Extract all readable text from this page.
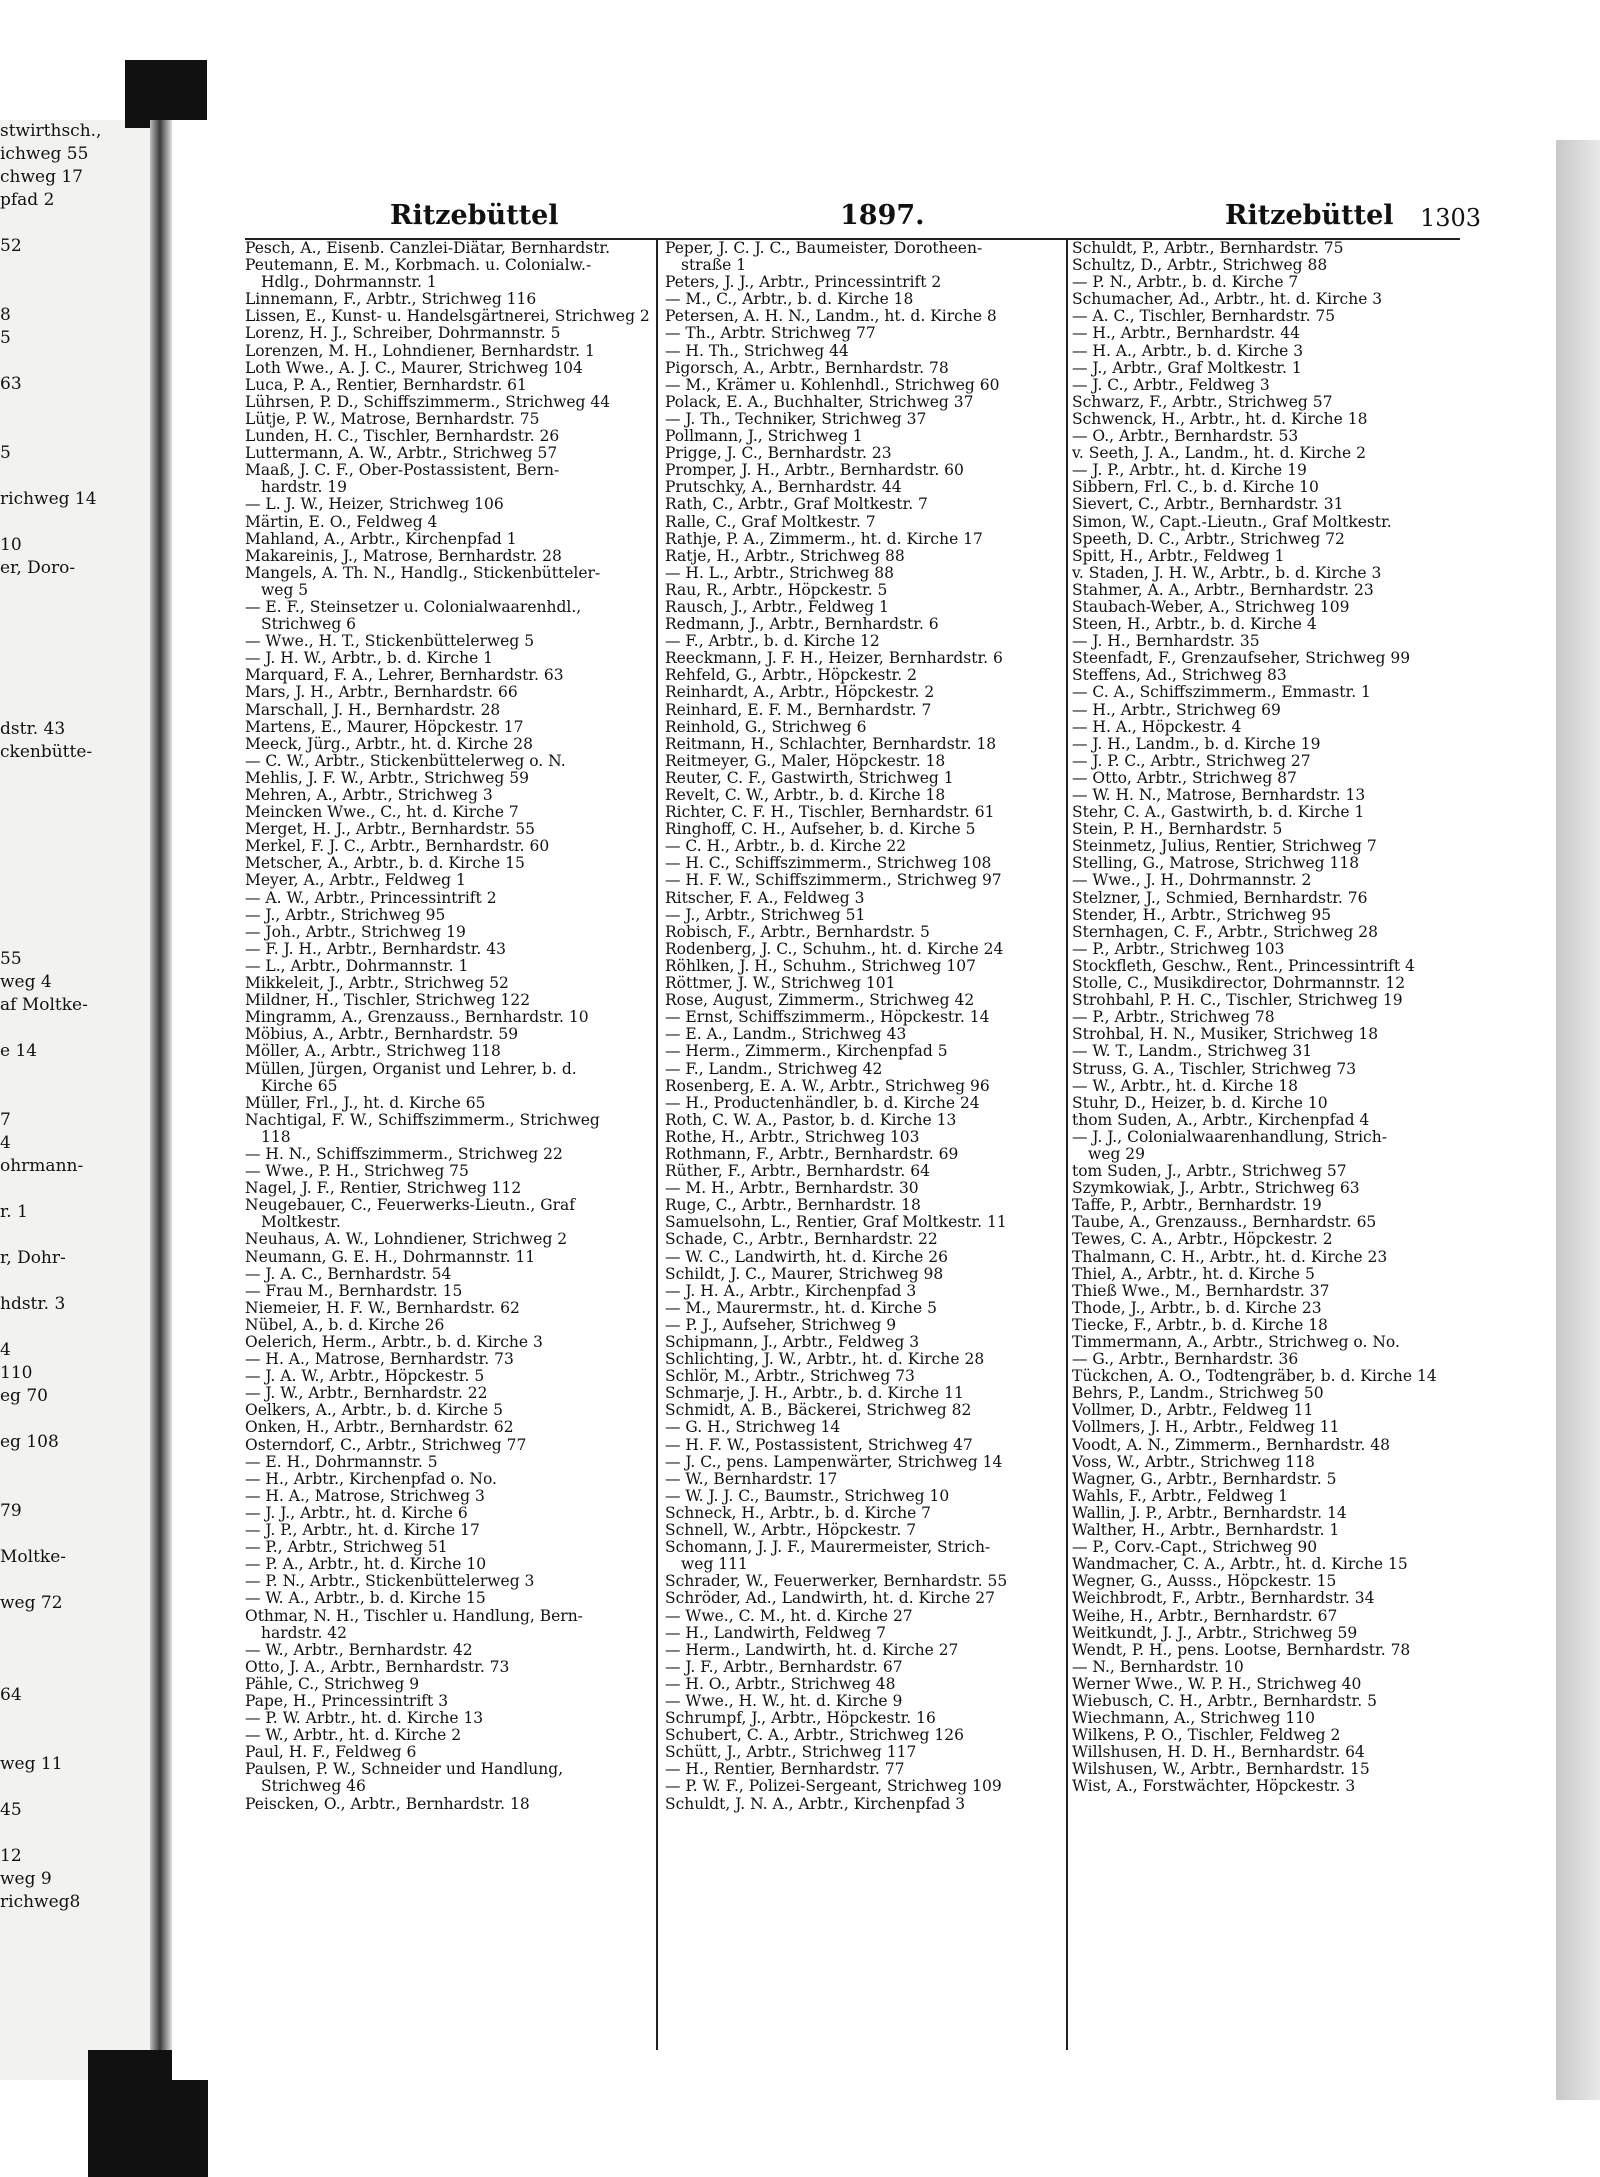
stwirthsch.,
ichweg 55
chweg 17
pfad 2
52
8
5
63
5
richweg 14
10
er, Doro-
dstr. 43
ckenbütte-
55
weg 4
af Moltke-
e 14
7
4
ohrmann-
r. 1
r, Dohr-
hdstr. 3
4
110
eg 70
eg 108
79
Moltke-
weg 72
64
weg 11
45
12
weg 9
richweg8
Ritzebüttel	1897.	Ritzebüttel 1303
Pesch, A., Eisenb. Canzlei-Diätar, Bernhardstr.
Peutemann, E. M., Korbmach. u. Colonialw.-
Hdlg., Dohrmannstr. 1
Linnemann, F., Arbtr., Strichweg 116
Lissen, E., Kunst- u. Handelsgärtnerei, Strichweg 2
Lorenz, H. J., Schreiber, Dohrmannstr. 5
Lorenzen, M. H., Lohndiener, Bernhardstr. 1
Loth Wwe., A. J. C., Maurer, Strichweg 104
Luca, P. A., Rentier, Bernhardstr. 61
Lührsen, P. D., Schiffszimmerm., Strichweg 44
Lütje, P. W., Matrose, Bernhardstr. 75
Lunden, H. C., Tischler, Bernhardstr. 26
Luttermann, A. W., Arbtr., Strichweg 57
Maaß, J. C. F., Ober-Postassistent, Bern-
hardstr. 19
— L. J. W., Heizer, Strichweg 106
Märtin, E. O., Feldweg 4
Mahland, A., Arbtr., Kirchenpfad 1
Makareinis, J., Matrose, Bernhardstr. 28
Mangels, A. Th. N., Handlg., Stickenbütteler-
weg 5
— E. F., Steinsetzer u. Colonialwaarenhdl.,
Strichweg 6
— Wwe., H. T., Stickenbüttelerweg 5
— J. H. W., Arbtr., b. d. Kirche 1
Marquard, F. A., Lehrer, Bernhardstr. 63
Mars, J. H., Arbtr., Bernhardstr. 66
Marschall, J. H., Bernhardstr. 28
Martens, E., Maurer, Höpckestr. 17
Meeck, Jürg., Arbtr., ht. d. Kirche 28
— C. W., Arbtr., Stickenbüttelerweg o. N.
Mehlis, J. F. W., Arbtr., Strichweg 59
Mehren, A., Arbtr., Strichweg 3
Meincken Wwe., C., ht. d. Kirche 7
Merget, H. J., Arbtr., Bernhardstr. 55
Merkel, F. J. C., Arbtr., Bernhardstr. 60
Metscher, A., Arbtr., b. d. Kirche 15
Meyer, A., Arbtr., Feldweg 1
— A. W., Arbtr., Princessintrift 2
— J., Arbtr., Strichweg 95
— Joh., Arbtr., Strichweg 19
— F. J. H., Arbtr., Bernhardstr. 43
— L., Arbtr., Dohrmannstr. 1
Mikkeleit, J., Arbtr., Strichweg 52
Mildner, H., Tischler, Strichweg 122
Mingramm, A., Grenzauss., Bernhardstr. 10
Möbius, A., Arbtr., Bernhardstr. 59
Möller, A., Arbtr., Strichweg 118
Müllen, Jürgen, Organist und Lehrer, b. d.
Kirche 65
Müller, Frl., J., ht. d. Kirche 65
Nachtigal, F. W., Schiffszimmerm., Strichweg
118
— H. N., Schiffszimmerm., Strichweg 22
— Wwe., P. H., Strichweg 75
Nagel, J. F., Rentier, Strichweg 112
Neugebauer, C., Feuerwerks-Lieutn., Graf
Moltkestr.
Neuhaus, A. W., Lohndiener, Strichweg 2
Neumann, G. E. H., Dohrmannstr. 11
— J. A. C., Bernhardstr. 54
— Frau M., Bernhardstr. 15
Niemeier, H. F. W., Bernhardstr. 62
Nübel, A., b. d. Kirche 26
Oelerich, Herm., Arbtr., b. d. Kirche 3
— H. A., Matrose, Bernhardstr. 73
— J. A. W., Arbtr., Höpckestr. 5
— J. W., Arbtr., Bernhardstr. 22
Oelkers, A., Arbtr., b. d. Kirche 5
Onken, H., Arbtr., Bernhardstr. 62
Osterndorf, C., Arbtr., Strichweg 77
— E. H., Dohrmannstr. 5
— H., Arbtr., Kirchenpfad o. No.
— H. A., Matrose, Strichweg 3
— J. J., Arbtr., ht. d. Kirche 6
— J. P., Arbtr., ht. d. Kirche 17
— P., Arbtr., Strichweg 51
— P. A., Arbtr., ht. d. Kirche 10
— P. N., Arbtr., Stickenbüttelerweg 3
— W. A., Arbtr., b. d. Kirche 15
Othmar, N. H., Tischler u. Handlung, Bern-
hardstr. 42
— W., Arbtr., Bernhardstr. 42
Otto, J. A., Arbtr., Bernhardstr. 73
Pähle, C., Strichweg 9
Pape, H., Princessintrift 3
— P. W. Arbtr., ht. d. Kirche 13
— W., Arbtr., ht. d. Kirche 2
Paul, H. F., Feldweg 6
Paulsen, P. W., Schneider und Handlung,
Strichweg 46
Peiscken, O., Arbtr., Bernhardstr. 18
Peper, J. C. J. C., Baumeister, Dorotheen-
straße 1
Peters, J. J., Arbtr., Princessintrift 2
— M., C., Arbtr., b. d. Kirche 18
Petersen, A. H. N., Landm., ht. d. Kirche 8
— Th., Arbtr. Strichweg 77
— H. Th., Strichweg 44
Pigorsch, A., Arbtr., Bernhardstr. 78
— M., Krämer u. Kohlenhdl., Strichweg 60
Polack, E. A., Buchhalter, Strichweg 37
— J. Th., Techniker, Strichweg 37
Pollmann, J., Strichweg 1
Prigge, J. C., Bernhardstr. 23
Promper, J. H., Arbtr., Bernhardstr. 60
Prutschky, A., Bernhardstr. 44
Rath, C., Arbtr., Graf Moltkestr. 7
Ralle, C., Graf Moltkestr. 7
Rathje, P. A., Zimmerm., ht. d. Kirche 17
Ratje, H., Arbtr., Strichweg 88
— H. L., Arbtr., Strichweg 88
Rau, R., Arbtr., Höpckestr. 5
Rausch, J., Arbtr., Feldweg 1
Redmann, J., Arbtr., Bernhardstr. 6
— F., Arbtr., b. d. Kirche 12
Reeckmann, J. F. H., Heizer, Bernhardstr. 6
Rehfeld, G., Arbtr., Höpckestr. 2
Reinhardt, A., Arbtr., Höpckestr. 2
Reinhard, E. F. M., Bernhardstr. 7
Reinhold, G., Strichweg 6
Reitmann, H., Schlachter, Bernhardstr. 18
Reitmeyer, G., Maler, Höpckestr. 18
Reuter, C. F., Gastwirth, Strichweg 1
Revelt, C. W., Arbtr., b. d. Kirche 18
Richter, C. F. H., Tischler, Bernhardstr. 61
Ringhoff, C. H., Aufseher, b. d. Kirche 5
— C. H., Arbtr., b. d. Kirche 22
— H. C., Schiffszimmerm., Strichweg 108
— H. F. W., Schiffszimmerm., Strichweg 97
Ritscher, F. A., Feldweg 3
— J., Arbtr., Strichweg 51
Robisch, F., Arbtr., Bernhardstr. 5
Rodenberg, J. C., Schuhm., ht. d. Kirche 24
Röhlken, J. H., Schuhm., Strichweg 107
Röttmer, J. W., Strichweg 101
Rose, August, Zimmerm., Strichweg 42
— Ernst, Schiffszimmerm., Höpckestr. 14
— E. A., Landm., Strichweg 43
— Herm., Zimmerm., Kirchenpfad 5
— F., Landm., Strichweg 42
Rosenberg, E. A. W., Arbtr., Strichweg 96
— H., Productenhändler, b. d. Kirche 24
Roth, C. W. A., Pastor, b. d. Kirche 13
Rothe, H., Arbtr., Strichweg 103
Rothmann, F., Arbtr., Bernhardstr. 69
Rüther, F., Arbtr., Bernhardstr. 64
— M. H., Arbtr., Bernhardstr. 30
Ruge, C., Arbtr., Bernhardstr. 18
Samuelsohn, L., Rentier, Graf Moltkestr. 11
Schade, C., Arbtr., Bernhardstr. 22
— W. C., Landwirth, ht. d. Kirche 26
Schildt, J. C., Maurer, Strichweg 98
— J. H. A., Arbtr., Kirchenpfad 3
— M., Maurermstr., ht. d. Kirche 5
— P. J., Aufseher, Strichweg 9
Schipmann, J., Arbtr., Feldweg 3
Schlichting, J. W., Arbtr., ht. d. Kirche 28
Schlör, M., Arbtr., Strichweg 73
Schmarje, J. H., Arbtr., b. d. Kirche 11
Schmidt, A. B., Bäckerei, Strichweg 82
— G. H., Strichweg 14
— H. F. W., Postassistent, Strichweg 47
— J. C., pens. Lampenwärter, Strichweg 14
— W., Bernhardstr. 17
— W. J. J. C., Baumstr., Strichweg 10
Schneck, H., Arbtr., b. d. Kirche 7
Schnell, W., Arbtr., Höpckestr. 7
Schomann, J. J. F., Maurermeister, Strich-
weg 111
Schrader, W., Feuerwerker, Bernhardstr. 55
Schröder, Ad., Landwirth, ht. d. Kirche 27
— Wwe., C. M., ht. d. Kirche 27
— H., Landwirth, Feldweg 7
— Herm., Landwirth, ht. d. Kirche 27
— J. F., Arbtr., Bernhardstr. 67
— H. O., Arbtr., Strichweg 48
— Wwe., H. W., ht. d. Kirche 9
Schrumpf, J., Arbtr., Höpckestr. 16
Schubert, C. A., Arbtr., Strichweg 126
Schütt, J., Arbtr., Strichweg 117
— H., Rentier, Bernhardstr. 77
— P. W. F., Polizei-Sergeant, Strichweg 109
Schuldt, J. N. A., Arbtr., Kirchenpfad 3
Schuldt, P., Arbtr., Bernhardstr. 75
Schultz, D., Arbtr., Strichweg 88
— P. N., Arbtr., b. d. Kirche 7
Schumacher, Ad., Arbtr., ht. d. Kirche 3
— A. C., Tischler, Bernhardstr. 75
— H., Arbtr., Bernhardstr. 44
— H. A., Arbtr., b. d. Kirche 3
— J., Arbtr., Graf Moltkestr. 1
— J. C., Arbtr., Feldweg 3
Schwarz, F., Arbtr., Strichweg 57
Schwenck, H., Arbtr., ht. d. Kirche 18
— O., Arbtr., Bernhardstr. 53
v. Seeth, J. A., Landm., ht. d. Kirche 2
— J. P., Arbtr., ht. d. Kirche 19
Sibbern, Frl. C., b. d. Kirche 10
Sievert, C., Arbtr., Bernhardstr. 31
Simon, W., Capt.-Lieutn., Graf Moltkestr.
Speeth, D. C., Arbtr., Strichweg 72
Spitt, H., Arbtr., Feldweg 1
v. Staden, J. H. W., Arbtr., b. d. Kirche 3
Stahmer, A. A., Arbtr., Bernhardstr. 23
Staubach-Weber, A., Strichweg 109
Steen, H., Arbtr., b. d. Kirche 4
— J. H., Bernhardstr. 35
Steenfadt, F., Grenzaufseher, Strichweg 99
Steffens, Ad., Strichweg 83
— C. A., Schiffszimmerm., Emmastr. 1
— H., Arbtr., Strichweg 69
— H. A., Höpckestr. 4
— J. H., Landm., b. d. Kirche 19
— J. P. C., Arbtr., Strichweg 27
— Otto, Arbtr., Strichweg 87
— W. H. N., Matrose, Bernhardstr. 13
Stehr, C. A., Gastwirth, b. d. Kirche 1
Stein, P. H., Bernhardstr. 5
Steinmetz, Julius, Rentier, Strichweg 7
Stelling, G., Matrose, Strichweg 118
— Wwe., J. H., Dohrmannstr. 2
Stelzner, J., Schmied, Bernhardstr. 76
Stender, H., Arbtr., Strichweg 95
Sternhagen, C. F., Arbtr., Strichweg 28
— P., Arbtr., Strichweg 103
Stockfleth, Geschw., Rent., Princessintrift 4
Stolle, C., Musikdirector, Dohrmannstr. 12
Strohbahl, P. H. C., Tischler, Strichweg 19
— P., Arbtr., Strichweg 78
Strohbal, H. N., Musiker, Strichweg 18
— W. T., Landm., Strichweg 31
Struss, G. A., Tischler, Strichweg 73
— W., Arbtr., ht. d. Kirche 18
Stuhr, D., Heizer, b. d. Kirche 10
thom Suden, A., Arbtr., Kirchenpfad 4
— J. J., Colonialwaarenhandlung, Strich-
weg 29
tom Suden, J., Arbtr., Strichweg 57
Szymkowiak, J., Arbtr., Strichweg 63
Taffe, P., Arbtr., Bernhardstr. 19
Taube, A., Grenzauss., Bernhardstr. 65
Tewes, C. A., Arbtr., Höpckestr. 2
Thalmann, C. H., Arbtr., ht. d. Kirche 23
Thiel, A., Arbtr., ht. d. Kirche 5
Thieß Wwe., M., Bernhardstr. 37
Thode, J., Arbtr., b. d. Kirche 23
Tiecke, F., Arbtr., b. d. Kirche 18
Timmermann, A., Arbtr., Strichweg o. No.
— G., Arbtr., Bernhardstr. 36
Tückchen, A. O., Todtengräber, b. d. Kirche 14
Behrs, P., Landm., Strichweg 50
Vollmer, D., Arbtr., Feldweg 11
Vollmers, J. H., Arbtr., Feldweg 11
Voodt, A. N., Zimmerm., Bernhardstr. 48
Voss, W., Arbtr., Strichweg 118
Wagner, G., Arbtr., Bernhardstr. 5
Wahls, F., Arbtr., Feldweg 1
Wallin, J. P., Arbtr., Bernhardstr. 14
Walther, H., Arbtr., Bernhardstr. 1
— P., Corv.-Capt., Strichweg 90
Wandmacher, C. A., Arbtr., ht. d. Kirche 15
Wegner, G., Ausss., Höpckestr. 15
Weichbrodt, F., Arbtr., Bernhardstr. 34
Weihe, H., Arbtr., Bernhardstr. 67
Weitkundt, J. J., Arbtr., Strichweg 59
Wendt, P. H., pens. Lootse, Bernhardstr. 78
— N., Bernhardstr. 10
Werner Wwe., W. P. H., Strichweg 40
Wiebusch, C. H., Arbtr., Bernhardstr. 5
Wiechmann, A., Strichweg 110
Wilkens, P. O., Tischler, Feldweg 2
Willshusen, H. D. H., Bernhardstr. 64
Wilshusen, W., Arbtr., Bernhardstr. 15
Wist, A., Forstwächter, Höpckestr. 3
